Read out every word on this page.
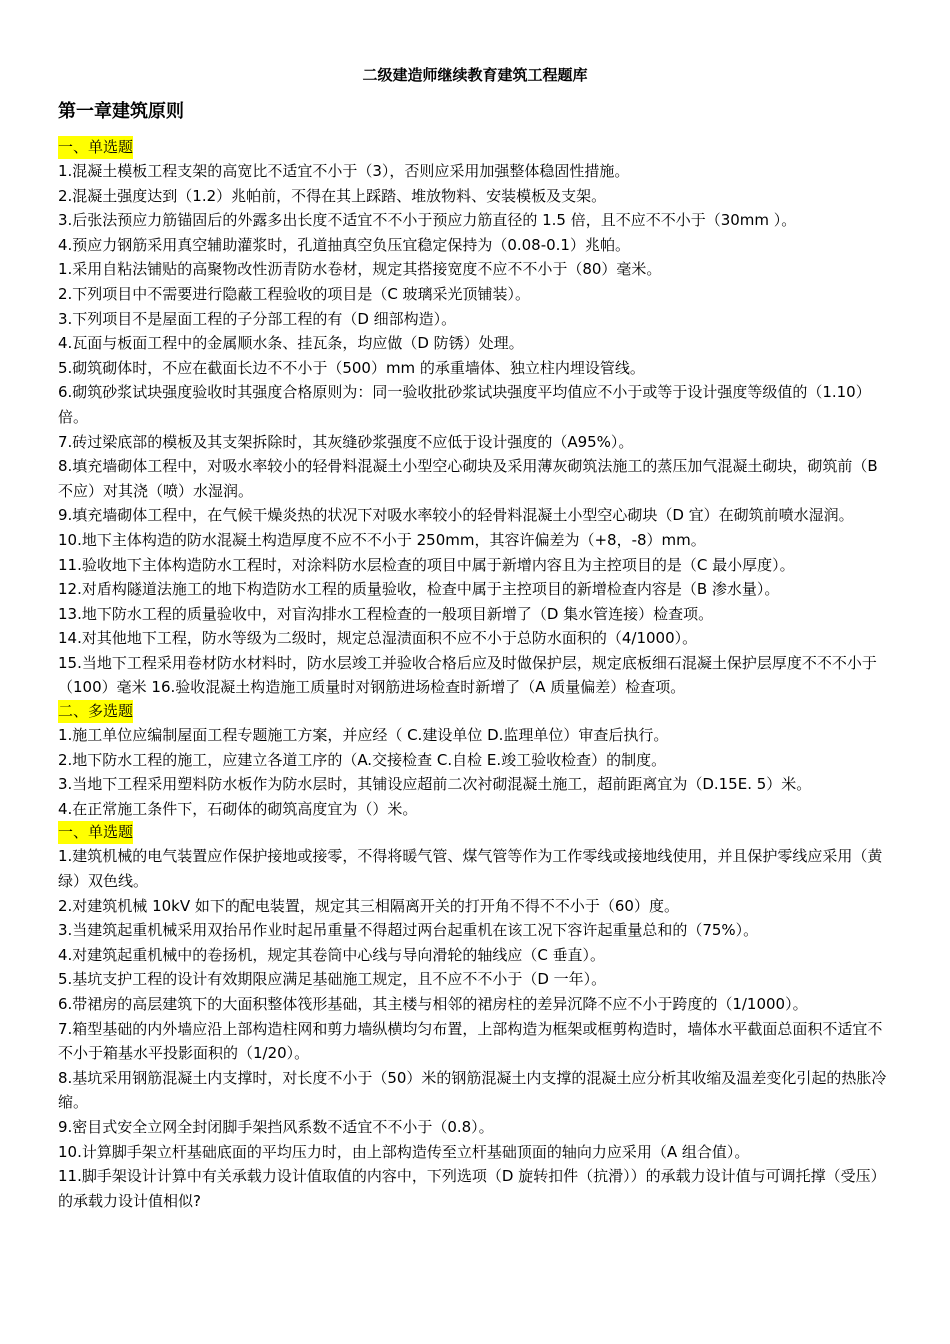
二级建造师继续教育建筑工程题库
第一章建筑原则
一、单选题

1.混凝土模板工程支架的高宽比不适宜不小于（3），否则应采用加强整体稳固性措施。

2.混凝土强度达到（1.2）兆帕前，不得在其上踩踏、堆放物料、安装模板及支架。

3.后张法预应力筋锚固后的外露多出长度不适宜不不小于预应力筋直径的 1.5 倍，且不应不不小于（30mm ）。

4.预应力钢筋采用真空辅助灌浆时，孔道抽真空负压宜稳定保持为（0.08-0.1）兆帕。

1.采用自粘法铺贴的高聚物改性沥青防水卷材，规定其搭接宽度不应不不小于（80）毫米。

2.下列项目中不需要进行隐蔽工程验收的项目是（C 玻璃采光顶铺装）。

3.下列项目不是屋面工程的子分部工程的有（D 细部构造）。

4.瓦面与板面工程中的金属顺水条、挂瓦条，均应做（D 防锈）处理。

5.砌筑砌体时，不应在截面长边不不小于（500）mm 的承重墙体、独立柱内埋设管线。

6.砌筑砂浆试块强度验收时其强度合格原则为：同一验收批砂浆试块强度平均值应不小于或等于设计强度等级值的（1.10）倍。

7.砖过梁底部的模板及其支架拆除时，其灰缝砂浆强度不应低于设计强度的（A95%）。

8.填充墙砌体工程中，对吸水率较小的轻骨料混凝土小型空心砌块及采用薄灰砌筑法施工的蒸压加气混凝土砌块，砌筑前（B 不应）对其浇（喷）水湿润。

9.填充墙砌体工程中，在气候干燥炎热的状况下对吸水率较小的轻骨料混凝土小型空心砌块（D 宜）在砌筑前喷水湿润。

10.地下主体构造的防水混凝土构造厚度不应不不小于 250mm，其容许偏差为（+8，-8）mm。

11.验收地下主体构造防水工程时，对涂料防水层检查的项目中属于新增内容且为主控项目的是（C 最小厚度）。

12.对盾构隧道法施工的地下构造防水工程的质量验收，检查中属于主控项目的新增检查内容是（B 渗水量）。

13.地下防水工程的质量验收中，对盲沟排水工程检查的一般项目新增了（D 集水管连接）检查项。

14.对其他地下工程，防水等级为二级时，规定总湿渍面积不应不小于总防水面积的（4/1000）。

15.当地下工程采用卷材防水材料时，防水层竣工并验收合格后应及时做保护层，规定底板细石混凝土保护层厚度不不不小于（100）毫米 16.验收混凝土构造施工质量时对钢筋进场检查时新增了（A 质量偏差）检查项。

二、多选题

1.施工单位应编制屋面工程专题施工方案，并应经（ C.建设单位 D.监理单位）审查后执行。

2.地下防水工程的施工，应建立各道工序的（A.交接检查 C.自检 E.竣工验收检查）的制度。

3.当地下工程采用塑料防水板作为防水层时，其铺设应超前二次衬砌混凝土施工，超前距离宜为（D.15E. 5）米。

4.在正常施工条件下，石砌体的砌筑高度宜为（）米。

一、单选题

1.建筑机械的电气装置应作保护接地或接零，不得将暖气管、煤气管等作为工作零线或接地线使用，并且保护零线应采用（黄绿）双色线。

2.对建筑机械 10kV 如下的配电装置，规定其三相隔离开关的打开角不得不不小于（60）度。

3.当建筑起重机械采用双抬吊作业时起吊重量不得超过两台起重机在该工况下容许起重量总和的（75%）。

4.对建筑起重机械中的卷扬机，规定其卷筒中心线与导向滑轮的轴线应（C 垂直）。

5.基坑支护工程的设计有效期限应满足基础施工规定，且不应不不小于（D 一年）。

6.带裙房的高层建筑下的大面积整体筏形基础，其主楼与相邻的裙房柱的差异沉降不应不小于跨度的（1/1000）。

7.箱型基础的内外墙应沿上部构造柱网和剪力墙纵横均匀布置，上部构造为框架或框剪构造时，墙体水平截面总面积不适宜不不小于箱基水平投影面积的（1/20）。

8.基坑采用钢筋混凝土内支撑时，对长度不小于（50）米的钢筋混凝土内支撑的混凝土应分析其收缩及温差变化引起的热胀冷缩。

9.密目式安全立网全封闭脚手架挡风系数不适宜不不小于（0.8）。

10.计算脚手架立杆基础底面的平均压力时，由上部构造传至立杆基础顶面的轴向力应采用（A 组合值）。

11.脚手架设计计算中有关承载力设计值取值的内容中，下列选项（D 旋转扣件（抗滑））的承载力设计值与可调托撑（受压）的承载力设计值相似?
